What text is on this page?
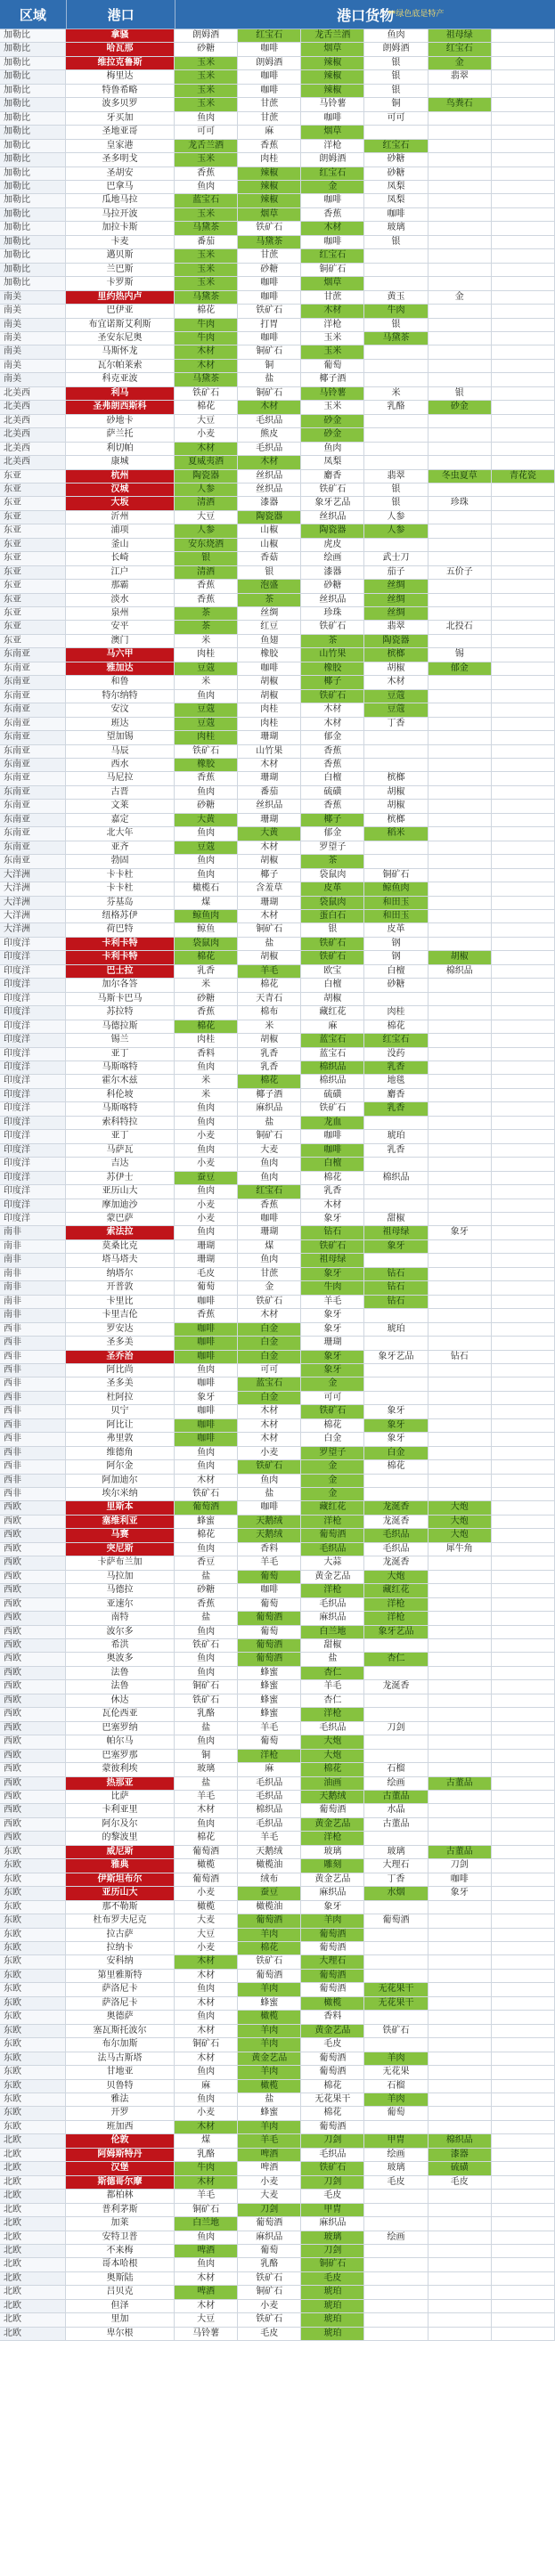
区域	港口	港口货物
**绿色底是特产
加勒比	拿骚	朗姆酒	红宝石	龙舌兰酒	鱼肉	祖母绿
加勒比	哈瓦那	砂糖	咖啡	烟草	朗姆酒	红宝石
加勒比	维拉克鲁斯	玉米	朗姆酒	辣椒	银	金
加勒比	梅里达	玉米	咖啡	辣椒	银	翡翠
加勒比	特鲁希略	玉米	咖啡	辣椒	银
加勒比	波多贝罗	玉米	甘蔗	马铃薯	铜	鸟粪石
加勒比	牙买加	鱼肉	甘蔗	咖啡	可可
加勒比	圣地亚哥	可可	麻	烟草
加勒比	皇家港	龙舌兰酒	香蕉	洋枪	红宝石
加勒比	圣多明戈	玉米	肉桂	朗姆酒	砂糖
加勒比	圣胡安	香蕉	辣椒	红宝石	砂糖
加勒比	巴拿马	鱼肉	辣椒	金	凤梨
加勒比	瓜地马拉	蓝宝石	辣椒	咖啡	凤梨
加勒比	马拉开波	玉米	烟草	香蕉	咖啡
加勒比	加拉卡斯	马黛茶	铁矿石	木材	玻璃
加勒比	卡麦	番茄	马黛茶	咖啡	银
加勒比	邁贝斯	玉米	甘蔗	红宝石
加勒比	兰巴斯	玉米	砂糖	铜矿石
加勒比	卡罗斯	玉米	咖啡	烟草
南美	里约热内卢	马黛茶	咖啡	甘蔗	黄玉	金
南美	巴伊亚	棉花	铁矿石	木材	牛肉
南美	布宜诺斯艾利斯	牛肉	打胃	洋枪	银
南美	圣安东尼奥	牛肉	咖啡	玉米	马黛茶
南美	马斯怀龙	木材	铜矿石	玉米
南美	瓦尔帕莱索	木材	铜	葡萄
南美	科克亚波	马黛茶	盐	椰子酒
北美西	利马	铁矿石	铜矿石	马铃薯	米	银
北美西	圣弗朗西斯科	棉花	木材	玉米	乳酪	砂金
北美西	砂地卡	大豆	毛织品	砂金
北美西	萨兰托	小麦	熊皮	砂金
北美西	利切帕	木材	毛织品	鱼肉
北美西	康城	夏威夷酒	木材	凤梨
东亚	杭州	陶瓷器	丝织品	麝香	翡翠	冬虫夏草	青花瓷
东亚	汉城	人参	丝织品	铁矿石	银
东亚	大坂	清酒	漆器	象牙艺品	银	珍珠
东亚	沂州	大豆	陶瓷器	丝织品	人参
东亚	浦项	人参	山椒	陶瓷器	人参
东亚	釜山	安东烧酒	山椒	虎皮
东亚	长崎	银	香菇	绘画	武士刀
东亚	江户	清酒	银	漆器	茄子	五价子
东亚	那霸	香蕉	泡盛	砂糖	丝绸
东亚	淡水	香蕉	茶	丝织品	丝绸
东亚	泉州	茶	丝绸	珍珠	丝绸
东亚	安平	茶	红豆	铁矿石	翡翠	北投石
东亚	澳门	米	鱼翅	茶	陶瓷器
东南亚	马六甲	肉桂	橡胶	山竹果	槟榔	锡
东南亚	雅加达	豆蔻	咖啡	橡胶	胡椒	郁金
东南亚	和鲁	米	胡椒	椰子	木材
东南亚	特尔纳特	鱼肉	胡椒	铁矿石	豆蔻
东南亚	安汶	豆蔻	肉桂	木材	豆蔻
东南亚	班达	豆蔻	肉桂	木材	丁香
东南亚	望加锡	肉桂	珊瑚	郁金
东南亚	马辰	铁矿石	山竹果	香蕉
东南亚	西水	橡胶	木材	香蕉
东南亚	马尼拉	香蕉	珊瑚	白檀	槟榔
东南亚	古晋	鱼肉	番茄	硫磺	胡椒
东南亚	文莱	砂糖	丝织品	香蕉	胡椒
东南亚	嘉定	大黄	珊瑚	椰子	槟榔
东南亚	北大年	鱼肉	大黄	郁金	稻米
东南亚	亚齐	豆蔻	木材	罗望子
东南亚	勃固	鱼肉	胡椒	茶
大洋洲	卡卡杜	鱼肉	椰子	袋鼠肉	铜矿石
大洋洲	卡卡杜	橄榄石	含羞草	皮革	鲸鱼肉
大洋洲	芬基岛	煤	珊瑚	袋鼠肉	和田玉
大洋洲	纽格苏伊	鲸鱼肉	木材	蛋白石	和田玉
大洋洲	荷巴特	鲸鱼	铜矿石	银	皮革
印度洋	卡利卡特	袋鼠肉	盐	铁矿石	钢
印度洋	卡利卡特	棉花	胡椒	铁矿石	钢	胡椒
印度洋	巴士拉	乳香	羊毛	欧宝	白檀	棉织品
印度洋	加尔各答	米	棉花	白檀	砂糖
印度洋	马斯卡巴马	砂糖	天青石	胡椒
印度洋	苏拉特	香蕉	棉布	藏红花	肉桂
印度洋	马德拉斯	棉花	米	麻	棉花
印度洋	锡兰	肉桂	胡椒	蓝宝石	红宝石
印度洋	亚丁	香料	乳香	蓝宝石	没药
印度洋	马斯喀特	鱼肉	乳香	棉织品	乳香
印度洋	霍尔木兹	米	棉花	棉织品	地毯
印度洋	科伦坡	米	椰子酒	硫磺	麝香
印度洋	马斯喀特	鱼肉	麻织品	铁矿石	乳香
印度洋	索科特拉	鱼肉	盐	龙血
印度洋	亚丁	小麦	铜矿石	咖啡	琥珀
印度洋	马萨瓦	鱼肉	大麦	咖啡	乳香
印度洋	吉达	小麦	鱼肉	白檀
印度洋	苏伊士	蚕豆	鱼肉	棉花	棉织品
印度洋	亚历山大	鱼肉	红宝石	乳香
印度洋	摩加迪沙	小麦	香蕉	木材
印度洋	蒙巴萨	小麦	咖啡	象牙	甜椒
南非	索法拉	鱼肉	珊瑚	钻石	祖母绿	象牙
南非	莫桑比克	珊瑚	煤	铁矿石	象牙
南非	塔马塔夫	珊瑚	鱼肉	祖母绿
南非	纳塔尔	毛皮	甘蔗	象牙	钻石
南非	开普敦	葡萄	金	牛肉	钻石
南非	卡里比	咖啡	铁矿石	羊毛	钻石
南非	卡里吉伦	香蕉	木材	象牙
西非	罗安达	咖啡	白金	象牙	琥珀
西非	圣多美	咖啡	白金	珊瑚
西非	圣乔治	咖啡	白金	象牙	象牙艺品	钻石
西非	阿比尚	鱼肉	可可	象牙
西非	圣多美	咖啡	蓝宝石	金
西非	杜阿拉	象牙	白金	可可
西非	贝宁	咖啡	木材	铁矿石	象牙
西非	阿比让	咖啡	木材	棉花	象牙
西非	弗里敦	咖啡	木材	白金	象牙
西非	维德角	鱼肉	小麦	罗望子	白金
西非	阿尔金	鱼肉	铁矿石	金	棉花
西非	阿加迪尔	木材	鱼肉	金
西非	埃尔米纳	铁矿石	盐	金
西欧	里斯本	葡萄酒	咖啡	藏红花	龙涎香	大炮
西欧	塞维利亚	蜂蜜	天鹅绒	洋枪	龙涎香	大炮
西欧	马赛	棉花	天鹅绒	葡萄酒	毛织品	大炮
西欧	突尼斯	鱼肉	香料	毛织品	毛织品	犀牛角
西欧	卡萨布兰加	香豆	羊毛	大蒜	龙涎香
西欧	马拉加	盐	葡萄	黄金艺品	大炮
西欧	马德拉	砂糖	咖啡	洋枪	藏红花
西欧	亚速尔	香蕉	葡萄	毛织品	洋枪
西欧	南特	盐	葡萄酒	麻织品	洋枪
西欧	波尔多	鱼肉	葡萄	白兰地	象牙艺品
西欧	希洪	铁矿石	葡萄酒	甜椒
西欧	奥波多	鱼肉	葡萄酒	盐	杏仁
西欧	法鲁	鱼肉	蜂蜜	杏仁
西欧	法鲁	铜矿石	蜂蜜	羊毛	龙涎香
西欧	休达	铁矿石	蜂蜜	杏仁
西欧	瓦伦西亚	乳酪	蜂蜜	洋枪
西欧	巴塞罗纳	盐	羊毛	毛织品	刀剑
西欧	帕尔马	鱼肉	葡萄	大炮
西欧	巴塞罗那	铜	洋枪	大炮
西欧	蒙彼利埃	玻璃	麻	棉花	石榴
西欧	热那亚	盐	毛织品	油画	绘画	古董品
西欧	比萨	羊毛	毛织品	天鹅绒	古董品
西欧	卡利亚里	木材	棉织品	葡萄酒	水晶
西欧	阿尔及尔	鱼肉	毛织品	黄金艺品	古董品
西欧	的黎波里	棉花	羊毛	洋枪
东欧	威尼斯	葡萄酒	天鹅绒	玻璃	玻璃	古董品
东欧	雅典	橄榄	橄榄油	雕刻	大理石	刀剑
东欧	伊斯坦布尔	葡萄酒	绒布	黄金艺品	丁香	咖啡
东欧	亚历山大	小麦	蚕豆	麻织品	水烟	象牙
东欧	那不勒斯	橄榄	橄榄油	象牙
东欧	杜布罗夫尼克	大麦	葡萄酒	羊肉	葡萄酒
东欧	拉古萨	大豆	羊肉	葡萄酒
东欧	拉纳卡	小麦	棉花	葡萄酒
东欧	安科纳	木材	铁矿石	大理石
东欧	第里雅斯特	木材	葡萄酒	葡萄酒
东欧	萨洛尼卡	鱼肉	羊肉	葡萄酒	无花果干
东欧	萨洛尼卡	木材	蜂蜜	橄榄	无花果干
东欧	奥德萨	鱼肉	橄榄	香料
东欧	塞瓦斯托波尔	木材	羊肉	黄金艺品	铁矿石
东欧	布尔加斯	铜矿石	羊肉	毛皮
东欧	法马古斯塔	木材	黄金艺品	葡萄酒	羊肉
东欧	甘地亚	鱼肉	羊肉	葡萄酒	无花果
东欧	贝鲁特	麻	橄榄	棉花	石榴
东欧	雅法	鱼肉	盐	无花果干	羊肉
东欧	开罗	小麦	蜂蜜	棉花	葡萄
东欧	班加西	木材	羊肉	葡萄酒
北欧	伦敦	煤	羊毛	刀剑	甲胄	棉织品
北欧	阿姆斯特丹	乳酪	啤酒	毛织品	绘画	漆器
北欧	汉堡	牛肉	啤酒	铁矿石	玻璃	硫磺
北欧	斯德哥尔摩	木材	小麦	刀剑	毛皮	毛皮
北欧	都柏林	羊毛	大麦	毛皮
北欧	普利茅斯	铜矿石	刀剑	甲胄
北欧	加莱	白兰地	葡萄酒	麻织品
北欧	安特卫普	鱼肉	麻织品	玻璃	绘画
北欧	不来梅	啤酒	葡萄	刀剑
北欧	哥本哈根	鱼肉	乳酪	铜矿石
北欧	奥斯陆	木材	铁矿石	毛皮
北欧	吕贝克	啤酒	铜矿石	琥珀
北欧	但泽	木材	小麦	琥珀
北欧	里加	大豆	铁矿石	琥珀
北欧	卑尔根	马铃薯	毛皮	琥珀
